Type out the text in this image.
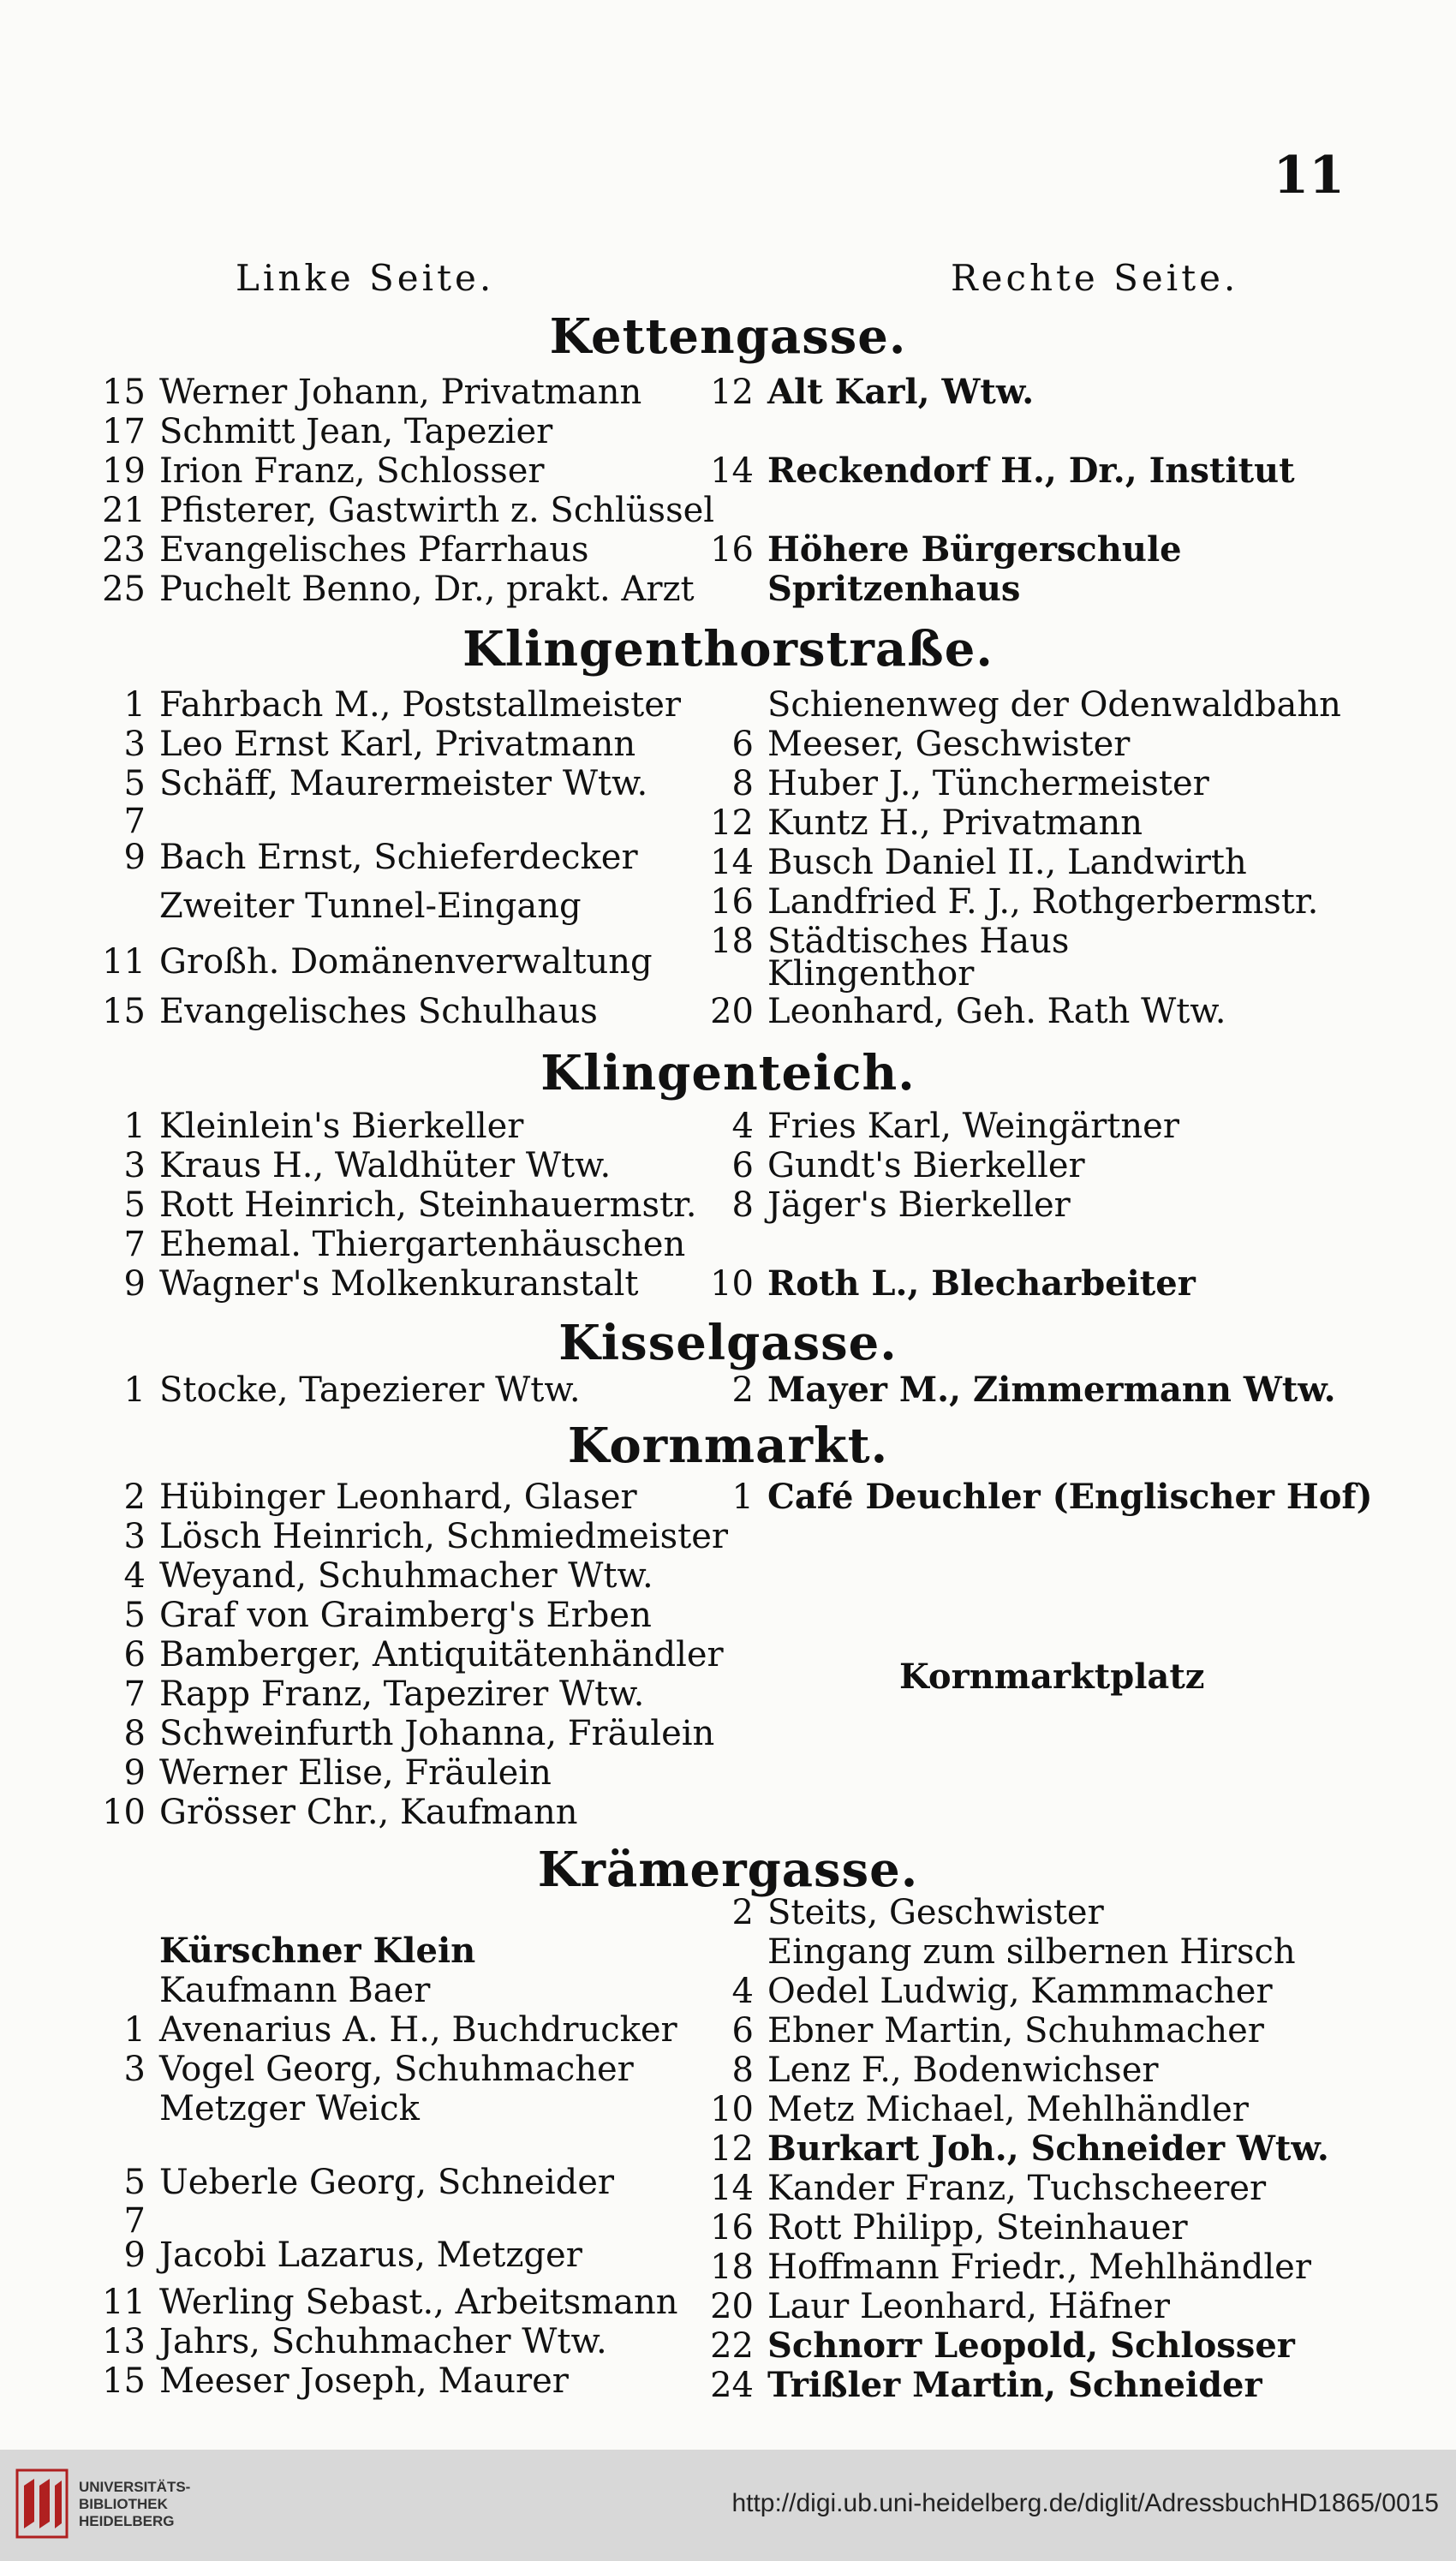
11
Linke Seite.	Rechte Seite.
Kettengasse.
15 Werner Johann, Privatmann
17 Schmitt Jean, Tapezier
19 Irion Franz, Schlosser
21 Pfisterer, Gastwirth z. Schlüssel
23 Evangelisches Pfarrhaus
25 Puchelt Benno, Dr., prakt. Arzt
12 Alt Karl, Wtw.
14 Reckendorf H., Dr., Institut
16 Höhere Bürgerschule
Spritzenhaus
Klingenthorstraße.
1 Fahrbach M., Poststallmeister
3 Leo Ernst Karl, Privatmann
5 Schäff, Maurermeister Wtw.
7
9 Bach Ernst, Schieferdecker
Zweiter Tunnel-Eingang
11 Großh. Domänenverwaltung
15 Evangelisches Schulhaus
Schienenweg der Odenwaldbahn
6 Meeser, Geschwister
8 Huber J., Tünchermeister
12 Kuntz H., Privatmann
14 Busch Daniel II., Landwirth
16 Landfried F. J., Rothgerbermstr.
18 Städtisches Haus
Klingenthor
20 Leonhard, Geh. Rath Wtw.
Klingenteich.
1 Kleinlein's Bierkeller
3 Kraus H., Waldhüter Wtw.
5 Rott Heinrich, Steinhauermstr.
7 Ehemal. Thiergartenhäuschen
9 Wagner's Molkenkuranstalt
4 Fries Karl, Weingärtner
6 Gundt's Bierkeller
8 Jäger's Bierkeller
10 Roth L., Blecharbeiter
Kisselgasse.
1 Stocke, Tapezierer Wtw.	2 Mayer M., Zimmermann Wtw.
Kornmarkt.
2 Hübinger Leonhard, Glaser
3 Lösch Heinrich, Schmiedmeister
4 Weyand, Schuhmacher Wtw.
5 Graf von Graimberg's Erben
6 Bamberger, Antiquitätenhändler
7 Rapp Franz, Tapezirer Wtw.
8 Schweinfurth Johanna, Fräulein
9 Werner Elise, Fräulein
10 Grösser Chr., Kaufmann
1 Café Deuchler (Englischer Hof)
Kornmarktplatz
Krämergasse.
Kürschner Klein
Kaufmann Baer
1 Avenarius A. H., Buchdrucker
3 Vogel Georg, Schuhmacher
Metzger Weick
5 Ueberle Georg, Schneider
7
9 Jacobi Lazarus, Metzger
11 Werling Sebast., Arbeitsmann
13 Jahrs, Schuhmacher Wtw.
15 Meeser Joseph, Maurer
2 Steits, Geschwister
Eingang zum silbernen Hirsch
4 Oedel Ludwig, Kammmacher
6 Ebner Martin, Schuhmacher
8 Lenz F., Bodenwichser
10 Metz Michael, Mehlhändler
12 Burkart Joh., Schneider Wtw.
14 Kander Franz, Tuchscheerer
16 Rott Philipp, Steinhauer
18 Hoffmann Friedr., Mehlhändler
20 Laur Leonhard, Häfner
22 Schnorr Leopold, Schlosser
24 Trißler Martin, Schneider
UNIVERSITÄTS-
BIBLIOTHEK
HEIDELBERG
http://digi.ub.uni-heidelberg.de/diglit/AdressbuchHD1865/0015
